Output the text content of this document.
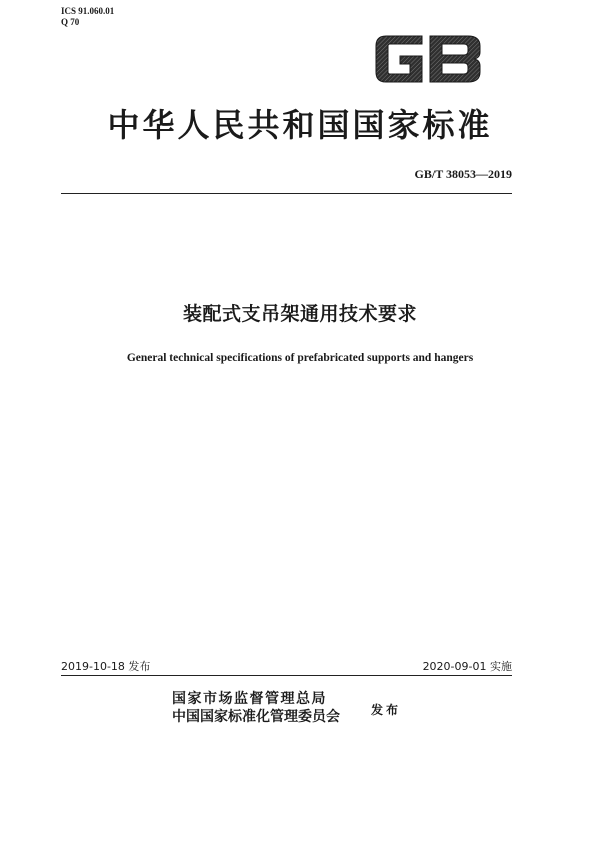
ICS 91.060.01
Q 70
中华人民共和国国家标准
GB/T 38053—2019
装配式支吊架通用技术要求
General technical specifications of prefabricated supports and hangers
2019-10-18 发布	2020-09-01 实施
国家市场监督管理总局
中国国家标准化管理委员会	发布
